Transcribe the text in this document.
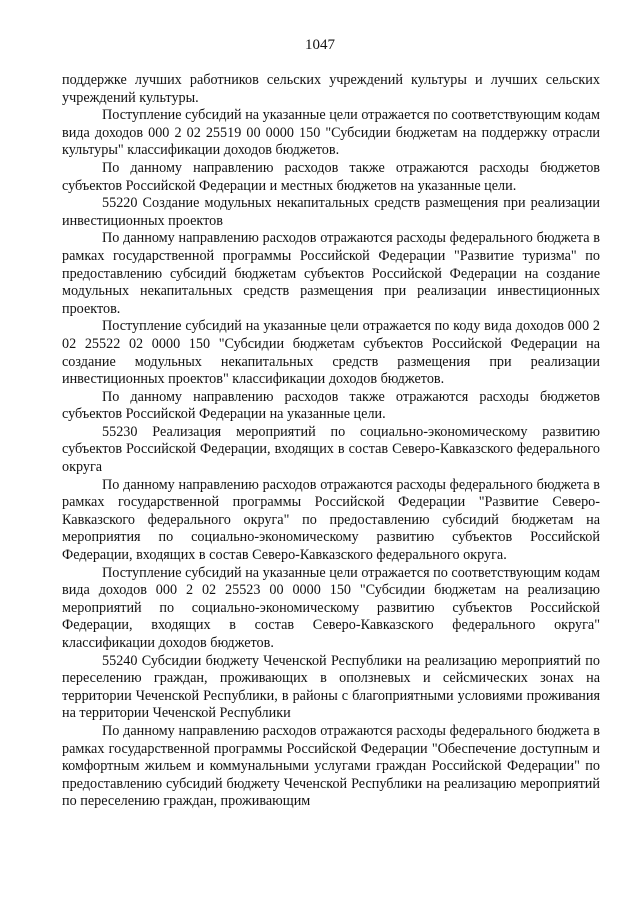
1047

поддержке лучших работников сельских учреждений культуры и лучших сельских учреждений культуры.

Поступление субсидий на указанные цели отражается по соответствующим кодам вида доходов 000 2 02 25519 00 0000 150 "Субсидии бюджетам на поддержку отрасли культуры" классификации доходов бюджетов.

По данному направлению расходов также отражаются расходы бюджетов субъектов Российской Федерации и местных бюджетов на указанные цели.

55220 Создание модульных некапитальных средств размещения при реализации инвестиционных проектов

По данному направлению расходов отражаются расходы федерального бюджета в рамках государственной программы Российской Федерации "Развитие туризма" по предоставлению субсидий бюджетам субъектов Российской Федерации на создание модульных некапитальных средств размещения при реализации инвестиционных проектов.

Поступление субсидий на указанные цели отражается по коду вида доходов 000 2 02 25522 02 0000 150 "Субсидии бюджетам субъектов Российской Федерации на создание модульных некапитальных средств размещения при реализации инвестиционных проектов" классификации доходов бюджетов.

По данному направлению расходов также отражаются расходы бюджетов субъектов Российской Федерации на указанные цели.

55230 Реализация мероприятий по социально-экономическому развитию субъектов Российской Федерации, входящих в состав Северо-Кавказского федерального округа

По данному направлению расходов отражаются расходы федерального бюджета в рамках государственной программы Российской Федерации "Развитие Северо-Кавказского федерального округа" по предоставлению субсидий бюджетам на мероприятия по социально-экономическому развитию субъектов Российской Федерации, входящих в состав Северо-Кавказского федерального округа.

Поступление субсидий на указанные цели отражается по соответствующим кодам вида доходов 000 2 02 25523 00 0000 150 "Субсидии бюджетам на реализацию мероприятий по социально-экономическому развитию субъектов Российской Федерации, входящих в состав Северо-Кавказского федерального округа" классификации доходов бюджетов.

55240 Субсидии бюджету Чеченской Республики на реализацию мероприятий по переселению граждан, проживающих в оползневых и сейсмических зонах на территории Чеченской Республики, в районы с благоприятными условиями проживания на территории Чеченской Республики

По данному направлению расходов отражаются расходы федерального бюджета в рамках государственной программы Российской Федерации "Обеспечение доступным и комфортным жильем и коммунальными услугами граждан Российской Федерации" по предоставлению субсидий бюджету Чеченской Республики на реализацию мероприятий по переселению граждан, проживающим
